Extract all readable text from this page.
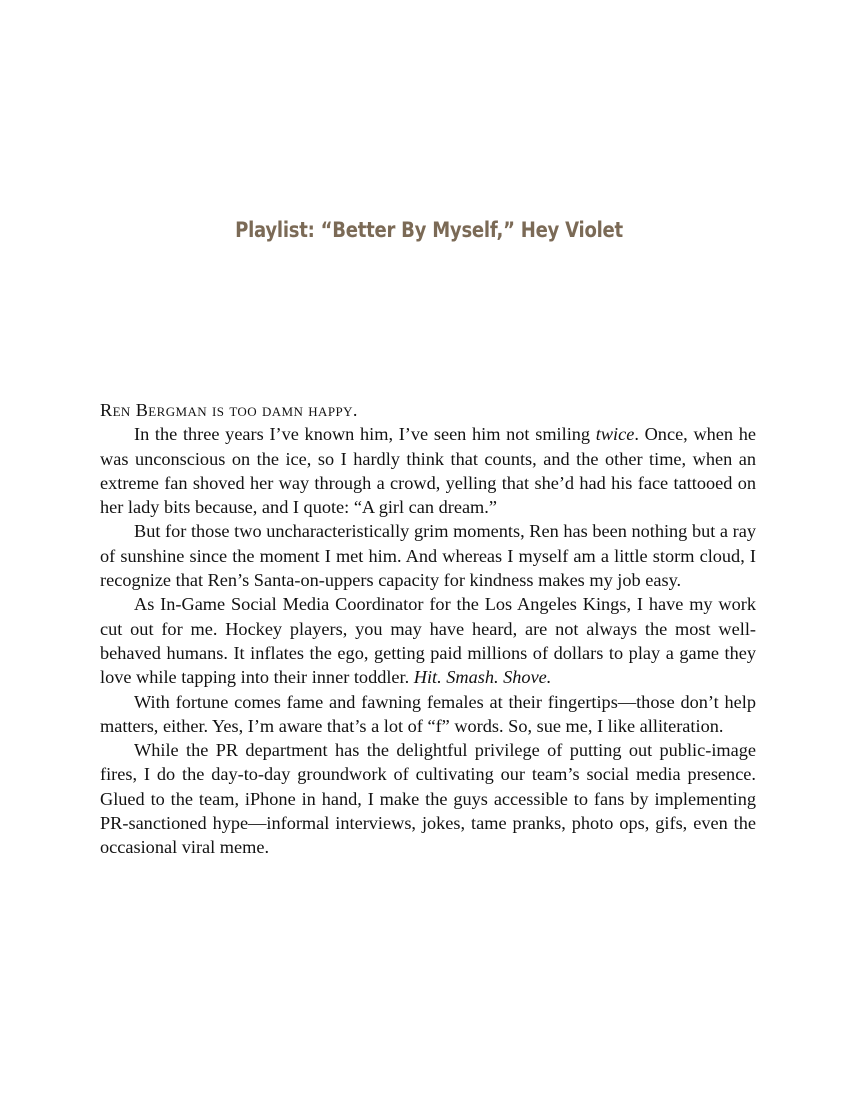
Playlist: “Better By Myself,” Hey Violet

Ren Bergman is too damn happy.

In the three years I’ve known him, I’ve seen him not smiling twice. Once, when he was unconscious on the ice, so I hardly think that counts, and the other time, when an extreme fan shoved her way through a crowd, yelling that she’d had his face tattooed on her lady bits because, and I quote: “A girl can dream.”

But for those two uncharacteristically grim moments, Ren has been nothing but a ray of sunshine since the moment I met him. And whereas I myself am a little storm cloud, I recognize that Ren’s Santa-on-uppers capacity for kindness makes my job easy.

As In-Game Social Media Coordinator for the Los Angeles Kings, I have my work cut out for me. Hockey players, you may have heard, are not always the most well-behaved humans. It inflates the ego, getting paid millions of dollars to play a game they love while tapping into their inner toddler. Hit. Smash. Shove.

With fortune comes fame and fawning females at their fingertips—those don’t help matters, either. Yes, I’m aware that’s a lot of “f” words. So, sue me, I like alliteration.

While the PR department has the delightful privilege of putting out public-image fires, I do the day-to-day groundwork of cultivating our team’s social media presence. Glued to the team, iPhone in hand, I make the guys accessible to fans by implementing PR-sanctioned hype—informal interviews, jokes, tame pranks, photo ops, gifs, even the occasional viral meme.
